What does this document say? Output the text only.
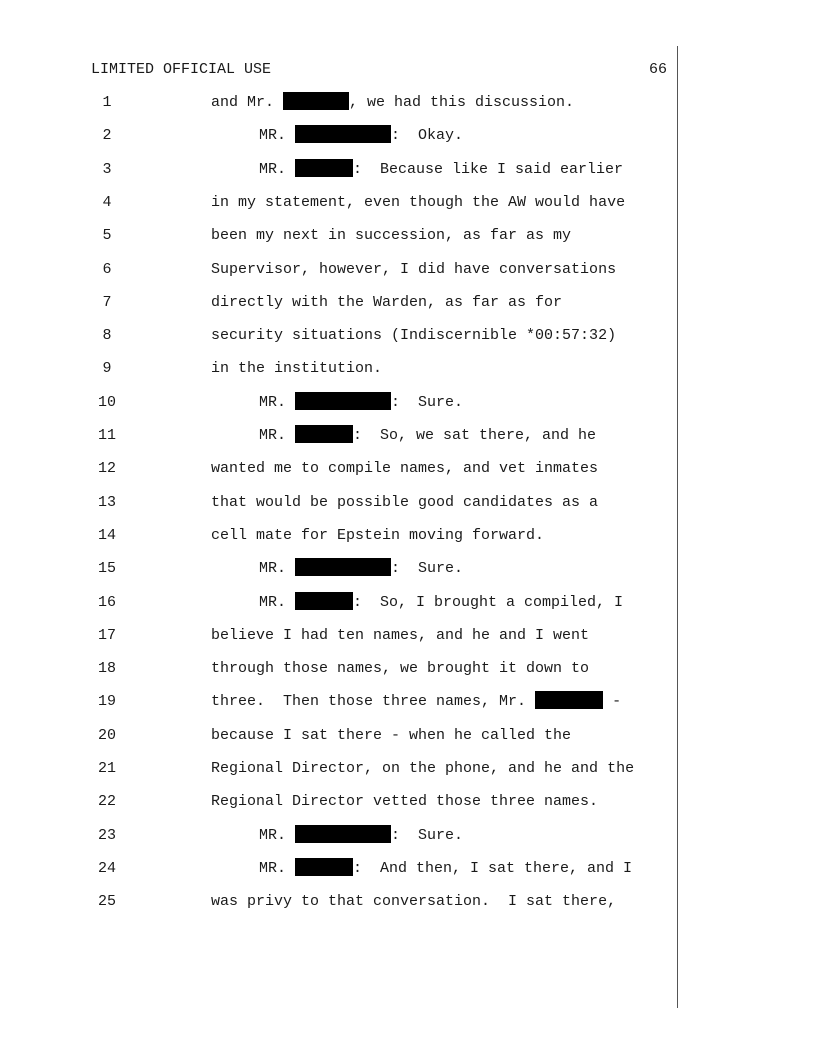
LIMITED OFFICIAL USE	66
1	and Mr.	, we had this discussion.
2	MR.	:  Okay.
3	MR.	:  Because like I said earlier
4	in my statement, even though the AW would have
5	been my next in succession, as far as my
6	Supervisor, however, I did have conversations
7	directly with the Warden, as far as for
8	security situations (Indiscernible *00:57:32)
9	in the institution.
10	MR.	:  Sure.
11	MR.	:  So, we sat there, and he
12	wanted me to compile names, and vet inmates
13	that would be possible good candidates as a
14	cell mate for Epstein moving forward.
15	MR.	:  Sure.
16	MR.	:  So, I brought a compiled, I
17	believe I had ten names, and he and I went
18	through those names, we brought it down to
19	three.  Then those three names, Mr.	-
20	because I sat there - when he called the
21	Regional Director, on the phone, and he and the
22	Regional Director vetted those three names.
23	MR.	:  Sure.
24	MR.	:  And then, I sat there, and I
25	was privy to that conversation.  I sat there,
